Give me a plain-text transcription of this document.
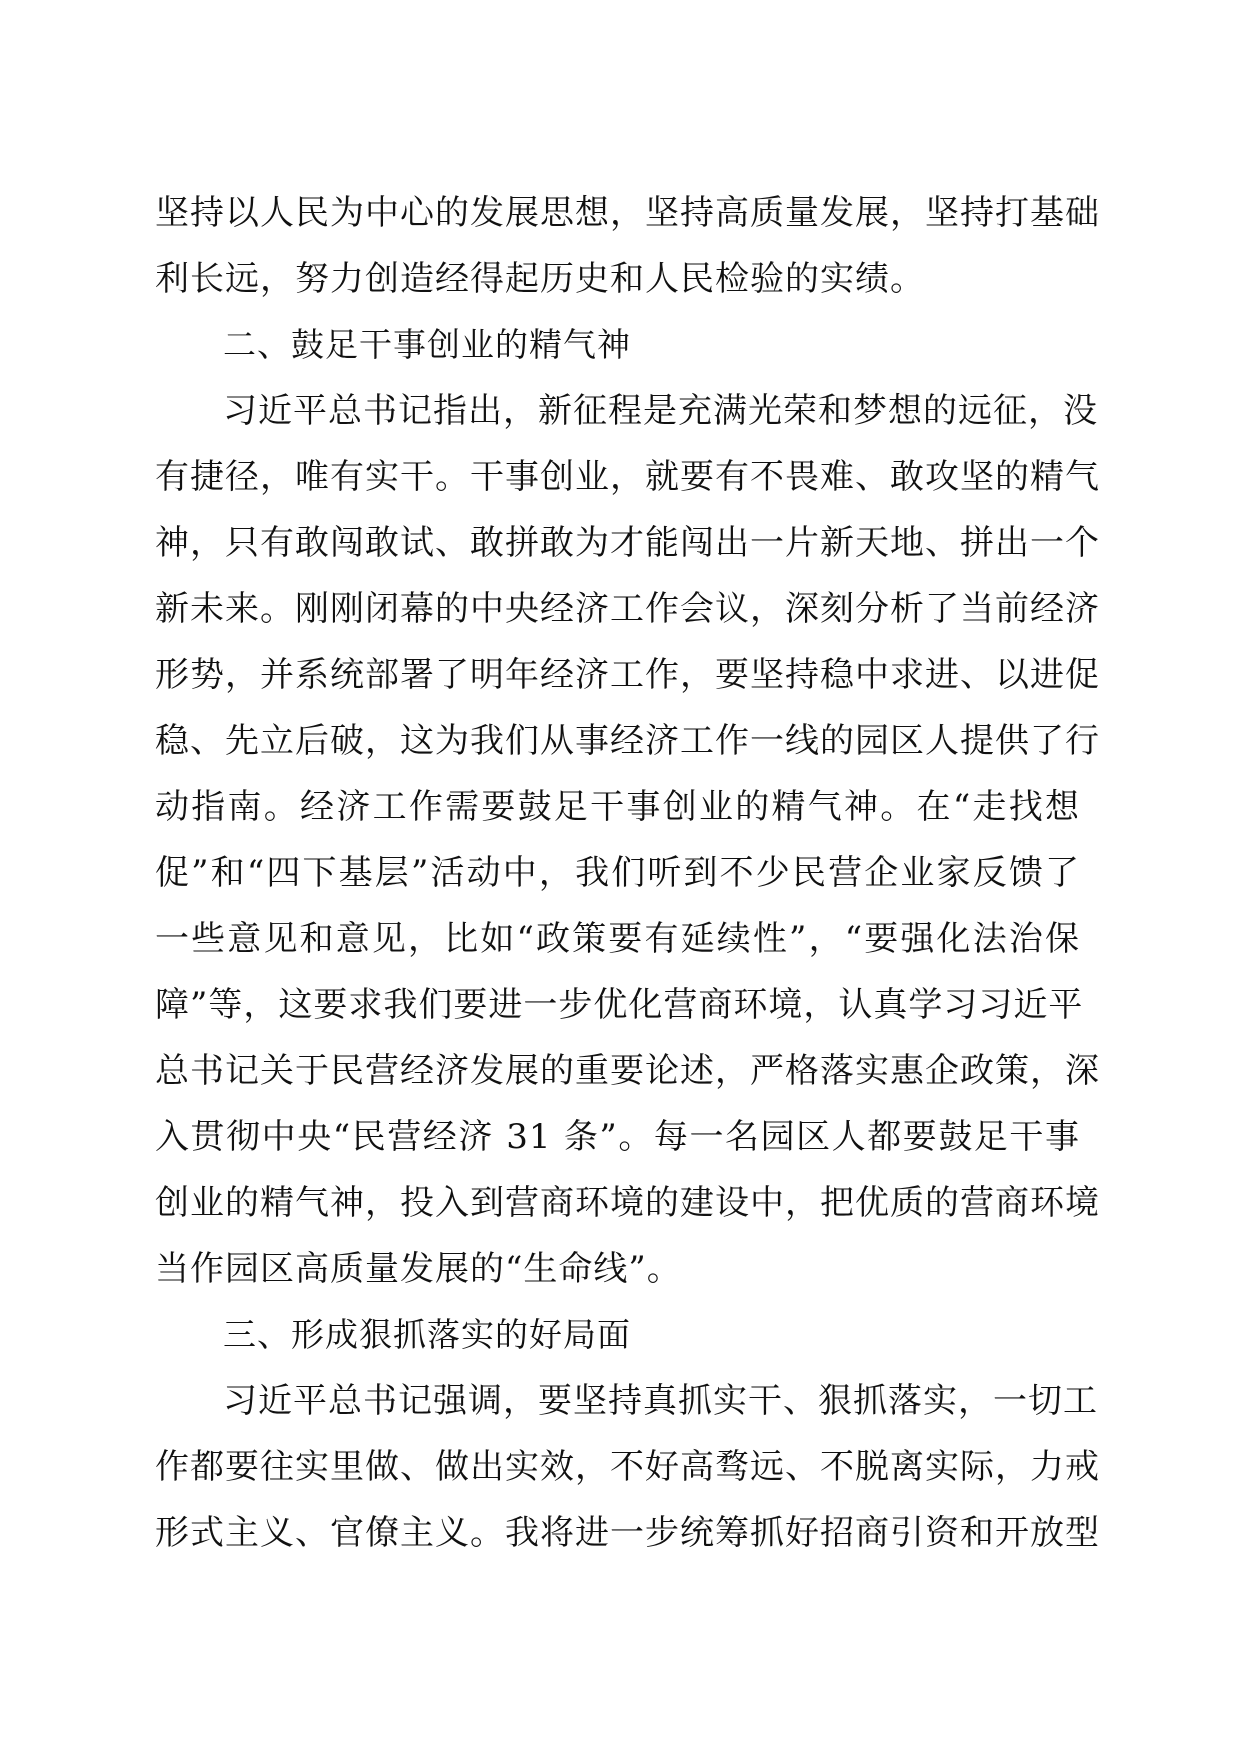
坚持以人民为中心的发展思想，坚持高质量发展，坚持打基础
利长远，努力创造经得起历史和人民检验的实绩。
二、鼓足干事创业的精气神
习近平总书记指出，新征程是充满光荣和梦想的远征，没
有捷径，唯有实干。干事创业，就要有不畏难、敢攻坚的精气
神，只有敢闯敢试、敢拼敢为才能闯出一片新天地、拼出一个
新未来。刚刚闭幕的中央经济工作会议，深刻分析了当前经济
形势，并系统部署了明年经济工作，要坚持稳中求进、以进促
稳、先立后破，这为我们从事经济工作一线的园区人提供了行
动指南。经济工作需要鼓足干事创业的精气神。在“走找想
促”和“四下基层”活动中，我们听到不少民营企业家反馈了
一些意见和意见，比如“政策要有延续性”，“要强化法治保
障”等，这要求我们要进一步优化营商环境，认真学习习近平
总书记关于民营经济发展的重要论述，严格落实惠企政策，深
入贯彻中央“民营经济 31 条”。每一名园区人都要鼓足干事
创业的精气神，投入到营商环境的建设中，把优质的营商环境
当作园区高质量发展的“生命线”。
三、形成狠抓落实的好局面
习近平总书记强调，要坚持真抓实干、狠抓落实，一切工
作都要往实里做、做出实效，不好高骛远、不脱离实际，力戒
形式主义、官僚主义。我将进一步统筹抓好招商引资和开放型
